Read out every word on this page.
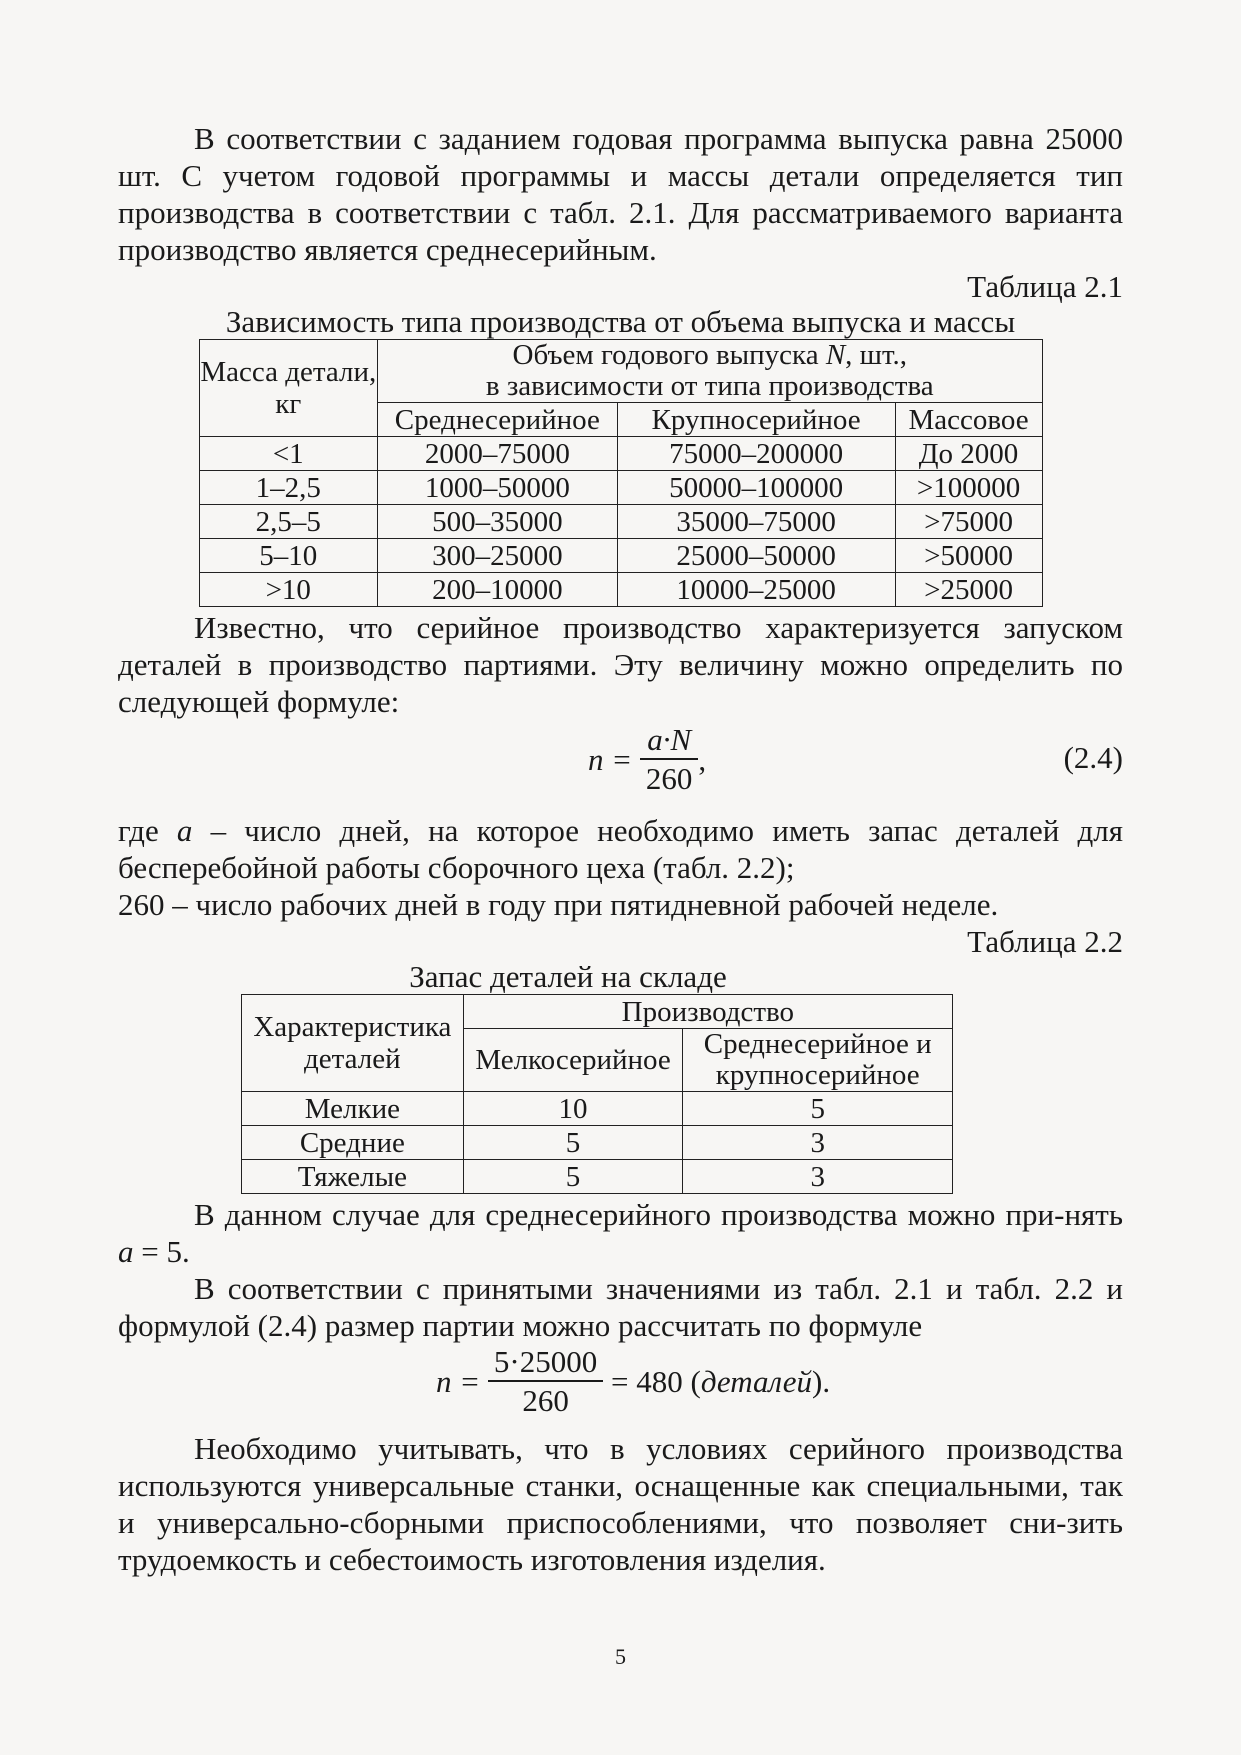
В соответствии с заданием годовая программа выпуска равна 25000 шт. С учетом годовой программы и массы детали определяется тип производства в соответствии с табл. 2.1. Для рассматриваемого варианта производство является среднесерийным.

Таблица 2.1

Зависимость типа производства от объема выпуска и массы

Масса детали, кг	Объем годового выпуска N, шт.,
в зависимости от типа производства		
	Среднесерийное	Крупносерийное	Массовое
<1	2000–75000	75000–200000	До 2000
1–2,5	1000–50000	50000–100000	>100000
2,5–5	500–35000	35000–75000	>75000
5–10	300–25000	25000–50000	>50000
>10	200–10000	10000–25000	>25000

Известно, что серийное производство характеризуется запуском деталей в производство партиями. Эту величину можно определить по следующей формуле:

$n = \frac{a\cdot N}{260}$ ,	(2.4)

где a – число дней, на которое необходимо иметь запас деталей для бесперебойной работы сборочного цеха (табл. 2.2);

260 – число рабочих дней в году при пятидневной рабочей неделе.

Таблица 2.2

Запас деталей на складе

Характеристика деталей	Производство	
	Мелкосерийное	Среднесерийное и крупносерийное
Мелкие	10	5
Средние	5	3
Тяжелые	5	3

В данном случае для среднесерийного производства можно при-нять a = 5.

В соответствии с принятыми значениями из табл. 2.1 и табл. 2.2 и формулой (2.4) размер партии можно рассчитать по формуле

$n = \frac{5\cdot 25000}{260} = 480$ (деталей).

Необходимо учитывать, что в условиях серийного производства используются универсальные станки, оснащенные как специальными, так и универсально-сборными приспособлениями, что позволяет сни-зить трудоемкость и себестоимость изготовления изделия.

5
